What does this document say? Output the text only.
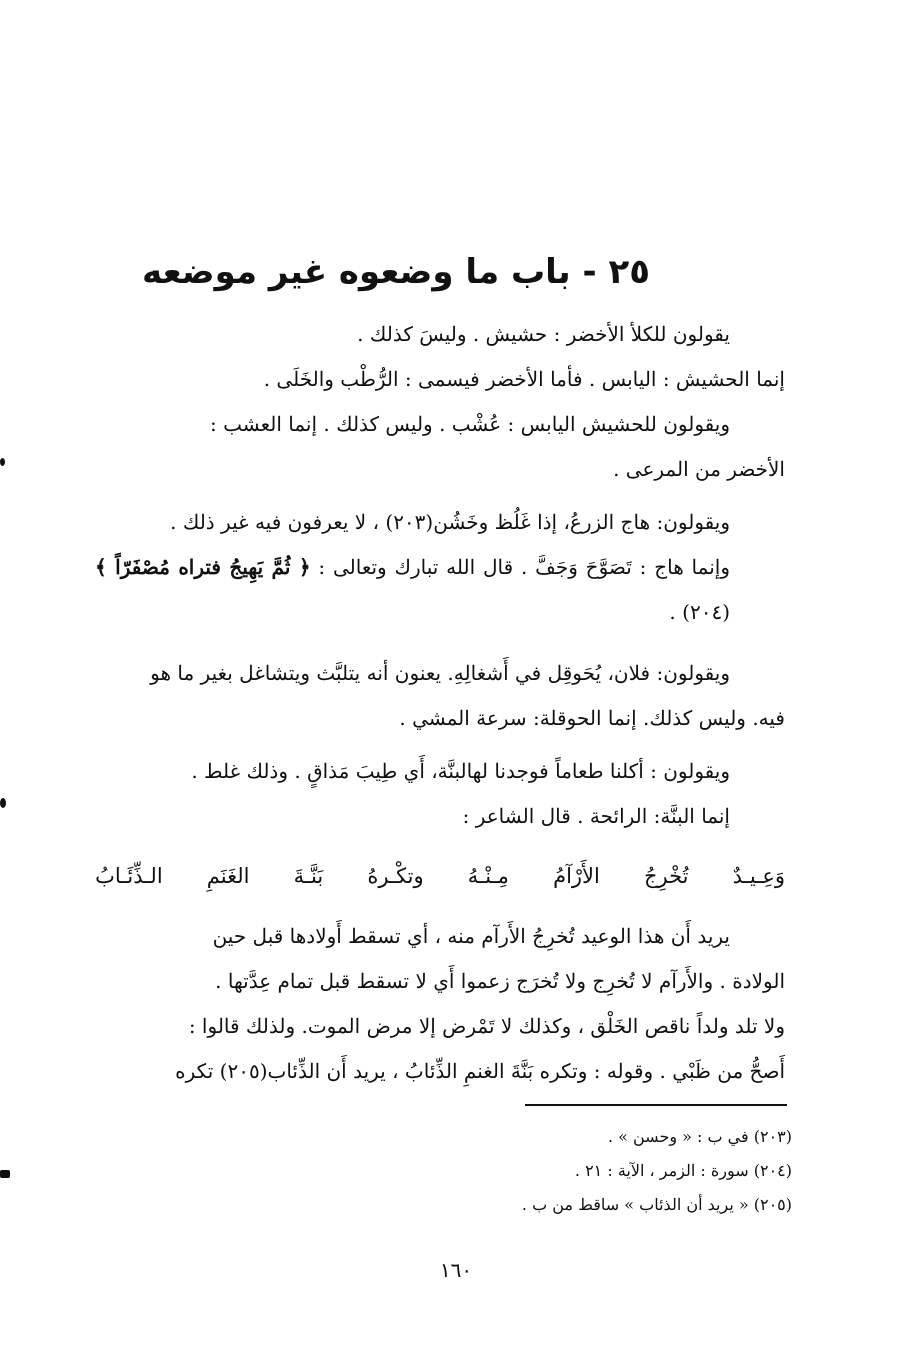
٢٥ - باب ما وضعوه غير موضعه

يقولون للكلأ الأخضر : حشيش . وليسَ كذلك .

إنما الحشيش : اليابس . فأما الأخضر فيسمى : الرُّطْب والخَلَى .

ويقولون للحشيش اليابس : عُشْب . وليس كذلك . إنما العشب :

الأخضر من المرعى .

ويقولون: هاج الزرعُ، إذا غَلُظ وخَشُن(٢٠٣) ، لا يعرفون فيه غير ذلك .

وإنما هاج : تَصَوَّحَ وَجَفَّ . قال الله تبارك وتعالى : ﴿ ثُمَّ يَهِيجُ فتراه مُصْفَرّاً ﴾ (٢٠٤) .

ويقولون: فلان، يُحَوقِل في أَشغالِهِ. يعنون أنه يتلبَّث ويتشاغل بغير ما هو

فيه. وليس كذلك. إنما الحوقلة: سرعة المشي .

ويقولون : أكلنا طعاماً فوجدنا لهالبنَّة، أَي طِيبَ مَذاقٍ . وذلك غلط .

إنما البنَّة: الرائحة . قال الشاعر :

وَعِـيـدٌ
تُخْرِجُ
الأَرْآمُ
مِـنْـهُ
وتكْـرهُ
بَنَّـةَ
الغَنَمِ
الـذِّئَـابُ

يريد أَن هذا الوعيد تُخرِجُ الأَرآم منه ، أي تسقط أَولادها قبل حين

الولادة . والأَرآم لا تُخرِج ولا تُخرَج زعموا أَي لا تسقط قبل تمام عِدَّتها .

ولا تلد ولداً ناقص الخَلْق ، وكذلك لا تَمْرض إلا مرض الموت. ولذلك قالوا :

أَصحُّ من ظَبْي . وقوله : وتكره بَنَّةَ الغنمِ الذِّئابُ ، يريد أَن الذِّئاب(٢٠٥) تكره

(٢٠٣) في ب : « وحسن » .

(٢٠٤) سورة : الزمر ، الآية : ٢١ .

(٢٠٥) « يريد أن الذئاب » ساقط من ب .

١٦٠
